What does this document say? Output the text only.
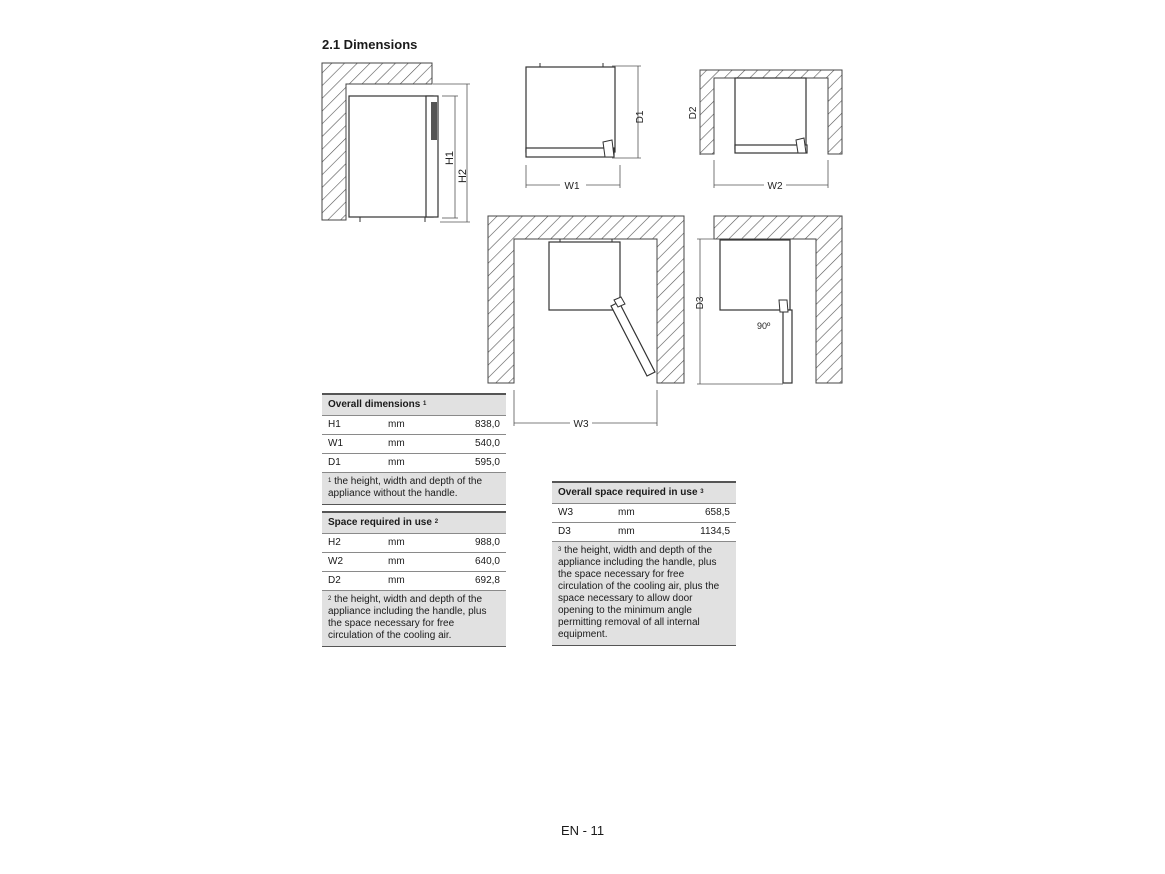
2.1 Dimensions
H1
H2
D1
W1
D2
W2
W3
D3
90º
Overall dimensions $^1$
H1	mm	838,0
W1	mm	540,0
D1	mm	595,0
$^1$ the height, width and depth of the appliance without the handle.
Space required in use $^2$
H2	mm	988,0
W2	mm	640,0
D2	mm	692,8
$^2$ the height, width and depth of the appliance including the handle, plus the space necessary for free circulation of the cooling air.
Overall space required in use $^3$
W3	mm	658,5
D3	mm	1134,5
$^3$ the height, width and depth of the appliance including the handle, plus the space necessary for free circulation of the cooling air, plus the space necessary to allow door opening to the minimum angle permitting removal of all internal equipment.
EN - 11
